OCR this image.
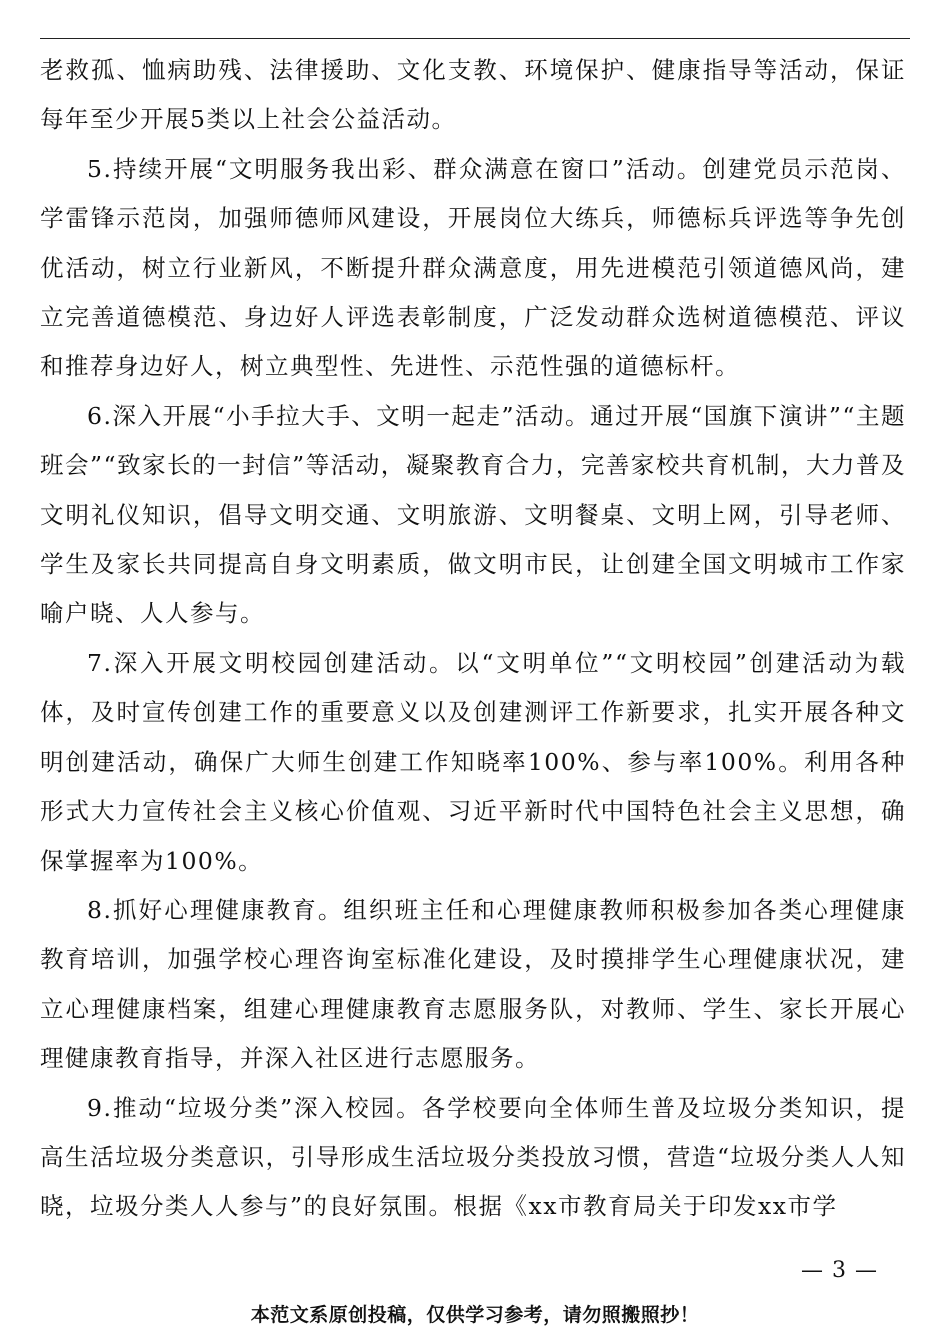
老救孤、恤病助残、法律援助、文化支教、环境保护、健康指导等活动，保证每年至少开展5类以上社会公益活动。

5.持续开展“文明服务我出彩、群众满意在窗口”活动。创建党员示范岗、学雷锋示范岗，加强师德师风建设，开展岗位大练兵，师德标兵评选等争先创优活动，树立行业新风，不断提升群众满意度，用先进模范引领道德风尚，建立完善道德模范、身边好人评选表彰制度，广泛发动群众选树道德模范、评议和推荐身边好人，树立典型性、先进性、示范性强的道德标杆。

6.深入开展“小手拉大手、文明一起走”活动。通过开展“国旗下演讲”“主题班会”“致家长的一封信”等活动，凝聚教育合力，完善家校共育机制，大力普及文明礼仪知识，倡导文明交通、文明旅游、文明餐桌、文明上网，引导老师、学生及家长共同提高自身文明素质，做文明市民，让创建全国文明城市工作家喻户晓、人人参与。

7.深入开展文明校园创建活动。以“文明单位”“文明校园”创建活动为载体，及时宣传创建工作的重要意义以及创建测评工作新要求，扎实开展各种文明创建活动，确保广大师生创建工作知晓率100%、参与率100%。利用各种形式大力宣传社会主义核心价值观、习近平新时代中国特色社会主义思想，确保掌握率为100%。

8.抓好心理健康教育。组织班主任和心理健康教师积极参加各类心理健康教育培训，加强学校心理咨询室标准化建设，及时摸排学生心理健康状况，建立心理健康档案，组建心理健康教育志愿服务队，对教师、学生、家长开展心理健康教育指导，并深入社区进行志愿服务。

9.推动“垃圾分类”深入校园。各学校要向全体师生普及垃圾分类知识，提高生活垃圾分类意识，引导形成生活垃圾分类投放习惯，营造“垃圾分类人人知晓，垃圾分类人人参与”的良好氛围。根据《xx市教育局关于印发xx市学

— 3 —
本范文系原创投稿，仅供学习参考，请勿照搬照抄！
